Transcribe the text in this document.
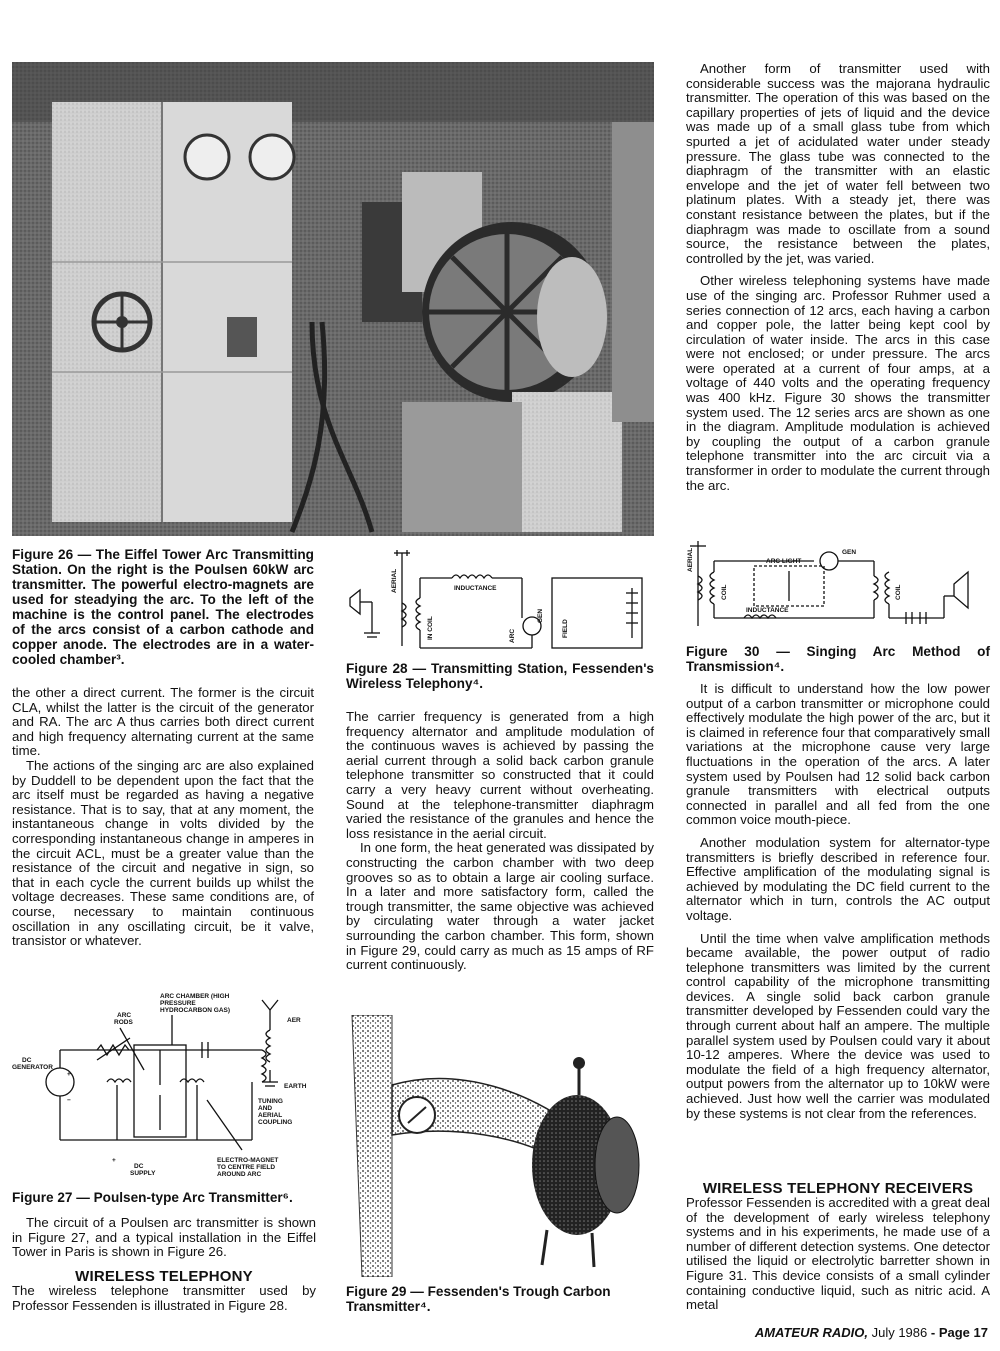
Figure 26 — The Eiffel Tower Arc Transmitting Station. On the right is the Poulsen 60kW arc transmitter. The powerful electro-magnets are used for steadying the arc. To the left of the machine is the control panel. The electrodes of the arcs consist of a carbon cathode and copper anode. The electrodes are in a water-cooled chamber³.

the other a direct current. The former is the circuit CLA, whilst the latter is the circuit of the generator and RA. The arc A thus carries both direct current and high frequency alternating current at the same time.

The actions of the singing arc are also explained by Duddell to be dependent upon the fact that the arc itself must be regarded as having a negative resistance. That is to say, that at any moment, the instantaneous change in volts divided by the corresponding instantaneous change in amperes in the circuit ACL, must be a greater value than the resistance of the circuit and negative in sign, so that in each cycle the current builds up whilst the voltage decreases. These same conditions are, of course, necessary to maintain continuous oscillation in any oscillating circuit, be it valve, transistor or whatever.

ARC CHAMBER (HIGH PRESSURE HYDROCARBON GAS)
ARC RODS	AER
DC GENERATOR
EARTH
TUNING AND AERIAL COUPLING
DC SUPPLY
ELECTRO-MAGNET TO CENTRE FIELD AROUND ARC
+
−
+
Figure 27 — Poulsen-type Arc Transmitter⁶.

The circuit of a Poulsen arc transmitter is shown in Figure 27, and a typical installation in the Eiffel Tower in Paris is shown in Figure 26.

WIRELESS TELEPHONY

The wireless telephone transmitter used by Professor Fessenden is illustrated in Figure 28.

AERIAL
IN COIL
INDUCTANCE
ARC
GEN
FIELD
Figure 28 — Transmitting Station, Fessenden's Wireless Telephony⁴.

The carrier frequency is generated from a high frequency alternator and amplitude modulation of the continuous waves is achieved by passing the aerial current through a solid back carbon granule telephone transmitter so constructed that it could carry a very heavy current without overheating. Sound at the telephone-transmitter diaphragm varied the resistance of the granules and hence the loss resistance in the aerial circuit.

In one form, the heat generated was dissipated by constructing the carbon chamber with two deep grooves so as to obtain a large air cooling surface. In a later and more satisfactory form, called the trough transmitter, the same objective was achieved by circulating water through a water jacket surrounding the carbon chamber. This form, shown in Figure 29, could carry as much as 15 amps of RF current continuously.

Figure 29 — Fessenden's Trough Carbon Transmitter⁴.

Another form of transmitter used with considerable success was the majorana hydraulic transmitter. The operation of this was based on the capillary properties of jets of liquid and the device was made up of a small glass tube from which spurted a jet of acidulated water under steady pressure. The glass tube was connected to the diaphragm of the transmitter with an elastic envelope and the jet of water fell between two platinum plates. With a steady jet, there was constant resistance between the plates, but if the diaphragm was made to oscillate from a sound source, the resistance between the plates, controlled by the jet, was varied.

Other wireless telephoning systems have made use of the singing arc. Professor Ruhmer used a series connection of 12 arcs, each having a carbon and copper pole, the latter being kept cool by circulation of water inside. The arcs in this case were not enclosed; or under pressure. The arcs were operated at a current of four amps, at a voltage of 440 volts and the operating frequency was 400 kHz. Figure 30 shows the transmitter system used. The 12 series arcs are shown as one in the diagram. Amplitude modulation is achieved by coupling the output of a carbon granule telephone transmitter into the arc circuit via a transformer in order to modulate the current through the arc.

AERIAL	ARC LIGHT
GEN
INDUCTANCE
COIL	COIL
Figure 30 — Singing Arc Method of Transmission⁴.

It is difficult to understand how the low power output of a carbon transmitter or microphone could effectively modulate the high power of the arc, but it is claimed in reference four that comparatively small variations at the microphone cause very large fluctuations in the operation of the arcs. A later system used by Poulsen had 12 solid back carbon granule transmitters with electrical outputs connected in parallel and all fed from the one common voice mouth-piece.

Another modulation system for alternator-type transmitters is briefly described in reference four. Effective amplification of the modulating signal is achieved by modulating the DC field current to the alternator which in turn, controls the AC output voltage.

Until the time when valve amplification methods became available, the power output of radio telephone transmitters was limited by the current control capability of the microphone transmitting devices. A single solid back carbon granule transmitter developed by Fessenden could vary the through current about half an ampere. The multiple parallel system used by Poulsen could vary it about 10-12 amperes. Where the device was used to modulate the field of a high frequency alternator, output powers from the alternator up to 10kW were achieved. Just how well the carrier was modulated by these systems is not clear from the references.

WIRELESS TELEPHONY RECEIVERS

Professor Fessenden is accredited with a great deal of the development of early wireless telephony systems and in his experiments, he made use of a number of different detection systems. One detector utilised the liquid or electrolytic barretter shown in Figure 31. This device consists of a small cylinder containing conductive liquid, such as nitric acid. A metal

AMATEUR RADIO, July 1986 - Page 17
